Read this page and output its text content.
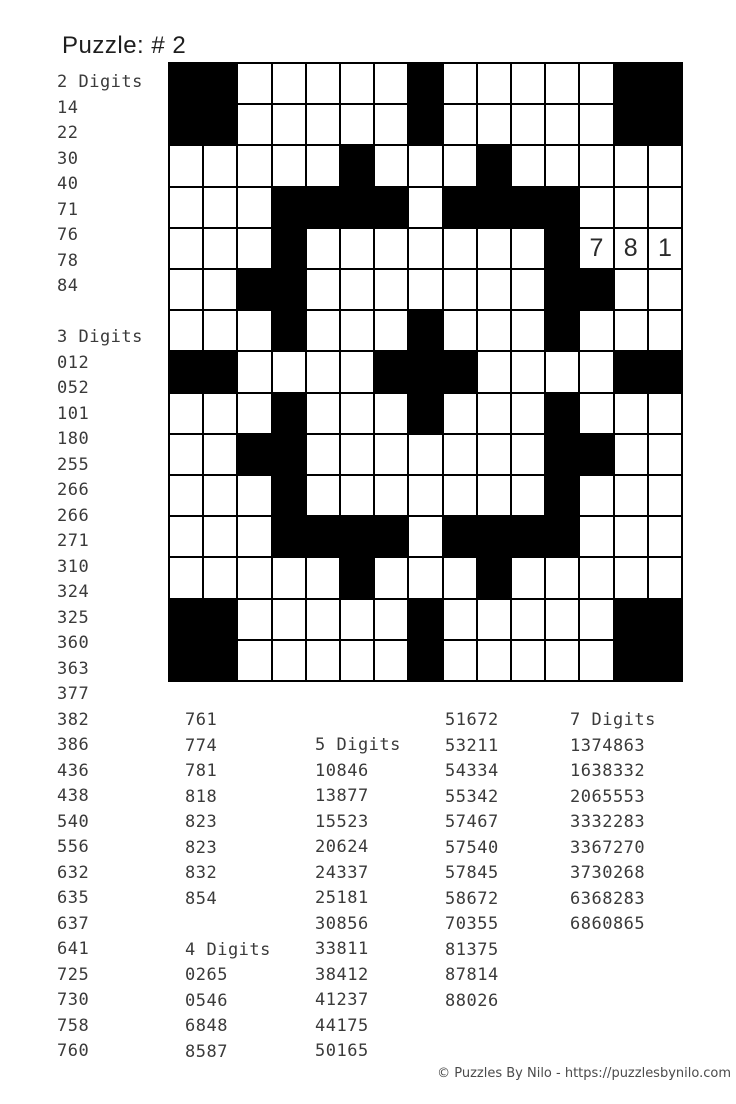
Puzzle: # 2
7 8 1
2 Digits
14
22
30
40
71
76
78
84
3 Digits
012
052
101
180
255
266
266
271
310
324
325
360
363
377
382
386
436
438
540
556
632
635
637
641
725
730
758
760
761
774
781
818
823
823
832
854
4 Digits
0265
0546
6848
8587
5 Digits
10846
13877
15523
20624
24337
25181
30856
33811
38412
41237
44175
50165
51672
53211
54334
55342
57467
57540
57845
58672
70355
81375
87814
88026
7 Digits
1374863
1638332
2065553
3332283
3367270
3730268
6368283
6860865
© Puzzles By Nilo - https://puzzlesbynilo.com
